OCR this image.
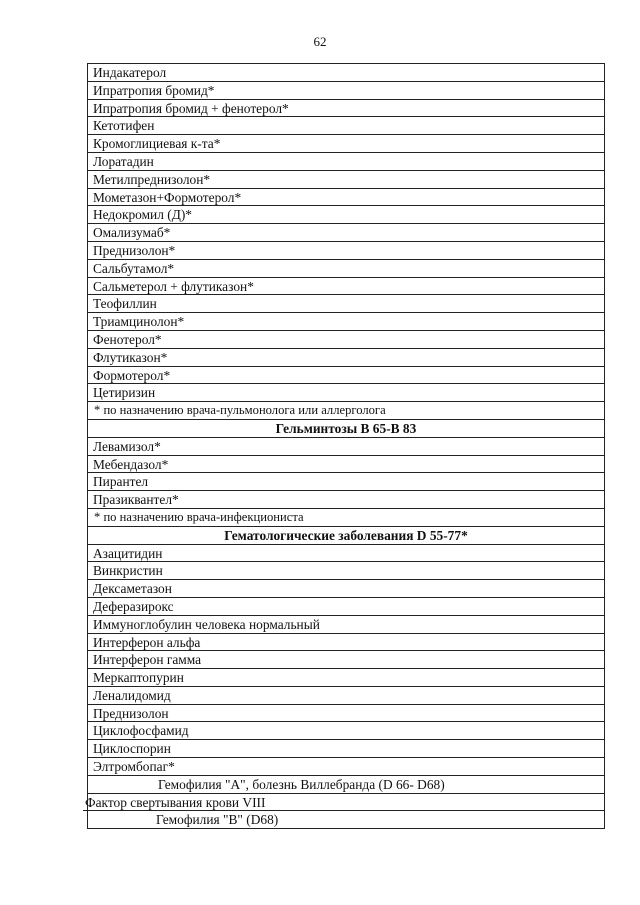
62
Индакатерол
Ипратропия бромид*
Ипратропия бромид + фенотерол*
Кетотифен
Кромоглициевая к-та*
Лоратадин
Метилпреднизолон*
Мометазон+Формотерол*
Недокромил (Д)*
Омализумаб*
Преднизолон*
Сальбутамол*
Сальметерол + флутиказон*
Теофиллин
Триамцинолон*
Фенотерол*
Флутиказон*
Формотерол*
Цетиризин
* по назначению врача-пульмонолога или аллерголога
Гельминтозы В 65-В 83
Левамизол*
Мебендазол*
Пирантел
Празиквантел*
* по назначению врача-инфекциониста
Гематологические заболевания D 55-77*
Азацитидин
Винкристин
Дексаметазон
Деферазирокс
Иммуноглобулин человека нормальный
Интерферон альфа
Интерферон гамма
Меркаптопурин
Леналидомид
Преднизолон
Циклофосфамид
Циклоспорин
Элтромбопаг*
Гемофилия "А", болезнь Виллебранда (D 66- D68)
Фактор свертывания крови VIII
Гемофилия "В" (D68)
